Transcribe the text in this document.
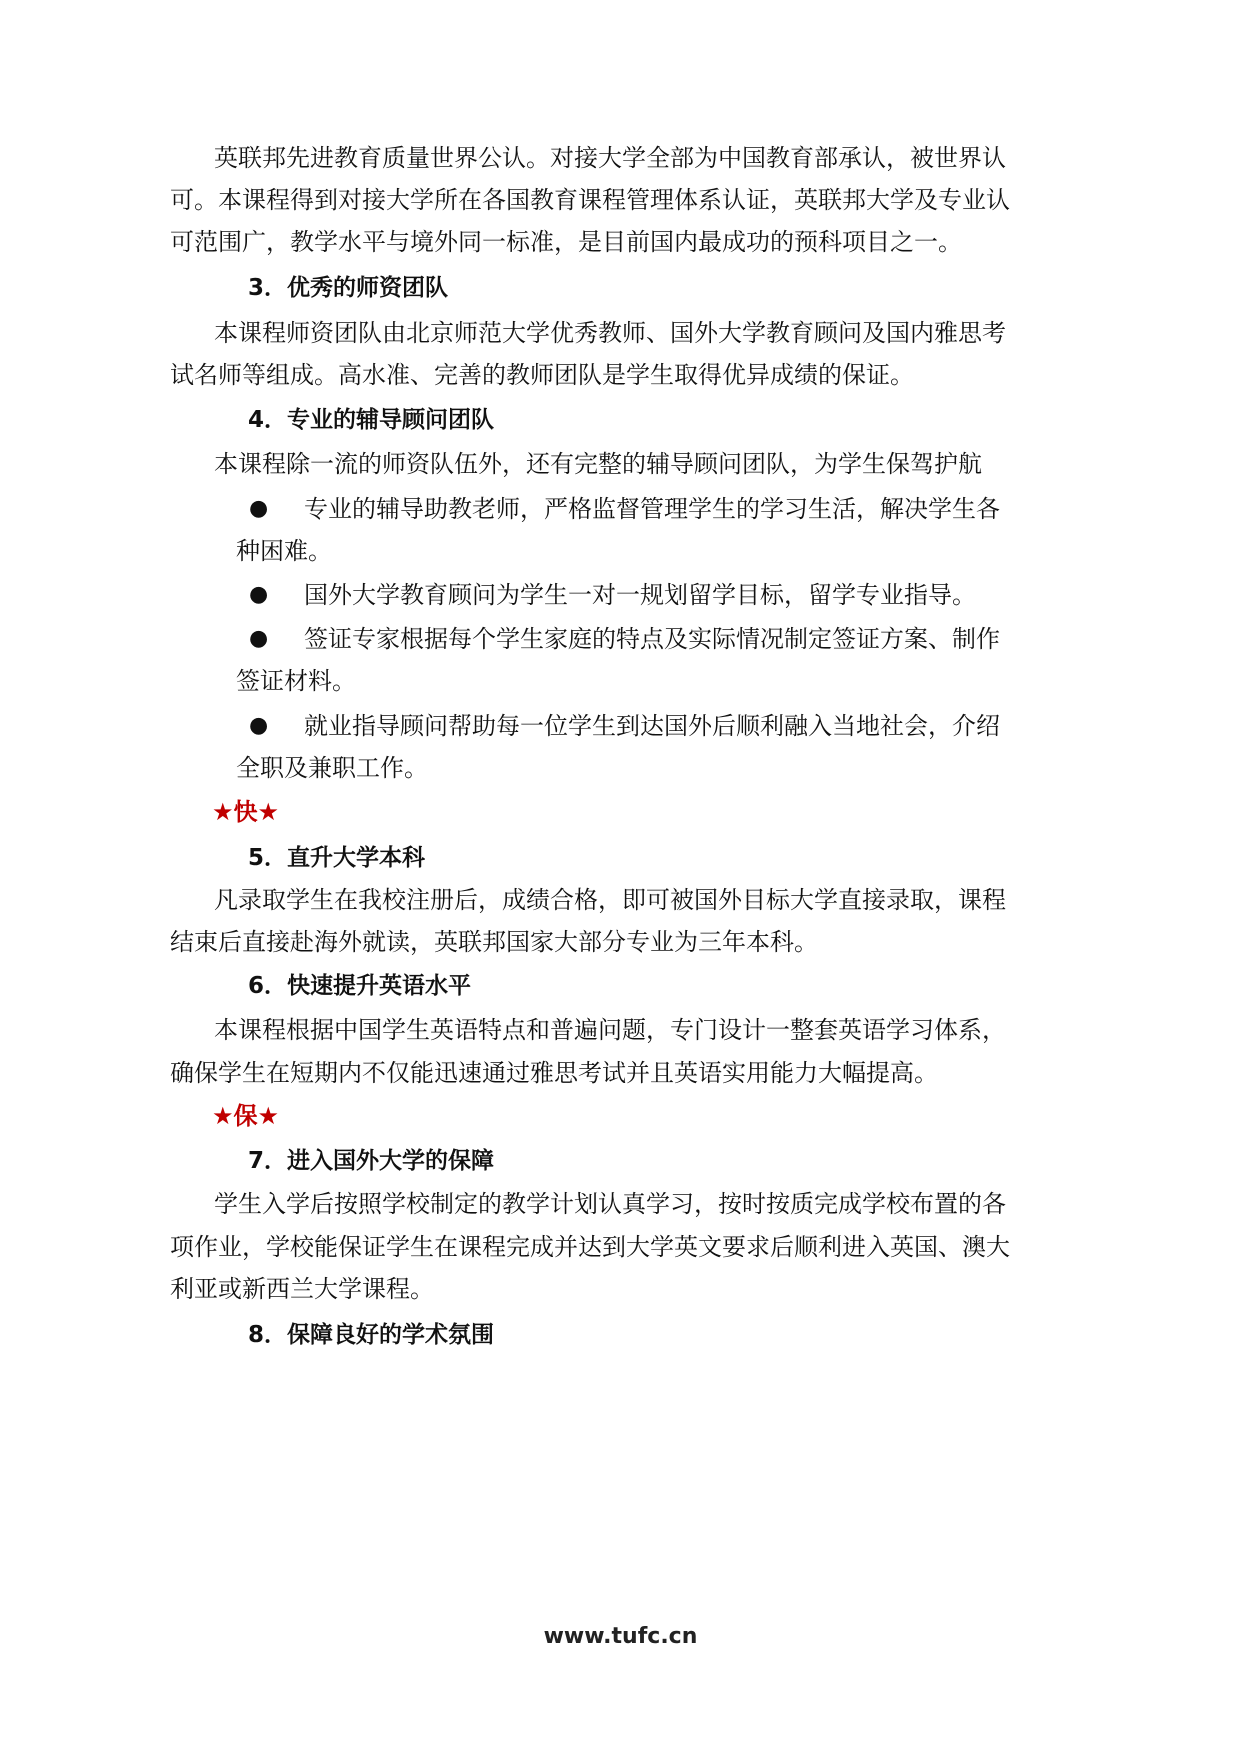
英联邦先进教育质量世界公认。对接大学全部为中国教育部承认，被世界认
可。本课程得到对接大学所在各国教育课程管理体系认证，英联邦大学及专业认
可范围广，教学水平与境外同一标准，是目前国内最成功的预科项目之一。
3．优秀的师资团队
本课程师资团队由北京师范大学优秀教师、国外大学教育顾问及国内雅思考
试名师等组成。高水准、完善的教师团队是学生取得优异成绩的保证。
4．专业的辅导顾问团队
本课程除一流的师资队伍外，还有完整的辅导顾问团队，为学生保驾护航
● 专业的辅导助教老师，严格监督管理学生的学习生活，解决学生各
种困难。
● 国外大学教育顾问为学生一对一规划留学目标，留学专业指导。
● 签证专家根据每个学生家庭的特点及实际情况制定签证方案、制作
签证材料。
● 就业指导顾问帮助每一位学生到达国外后顺利融入当地社会，介绍
全职及兼职工作。
★快★
5．直升大学本科
凡录取学生在我校注册后，成绩合格，即可被国外目标大学直接录取，课程
结束后直接赴海外就读，英联邦国家大部分专业为三年本科。
6．快速提升英语水平
本课程根据中国学生英语特点和普遍问题，专门设计一整套英语学习体系，
确保学生在短期内不仅能迅速通过雅思考试并且英语实用能力大幅提高。
★保★
7．进入国外大学的保障
学生入学后按照学校制定的教学计划认真学习，按时按质完成学校布置的各
项作业，学校能保证学生在课程完成并达到大学英文要求后顺利进入英国、澳大
利亚或新西兰大学课程。
8．保障良好的学术氛围
www.tufc.cn
